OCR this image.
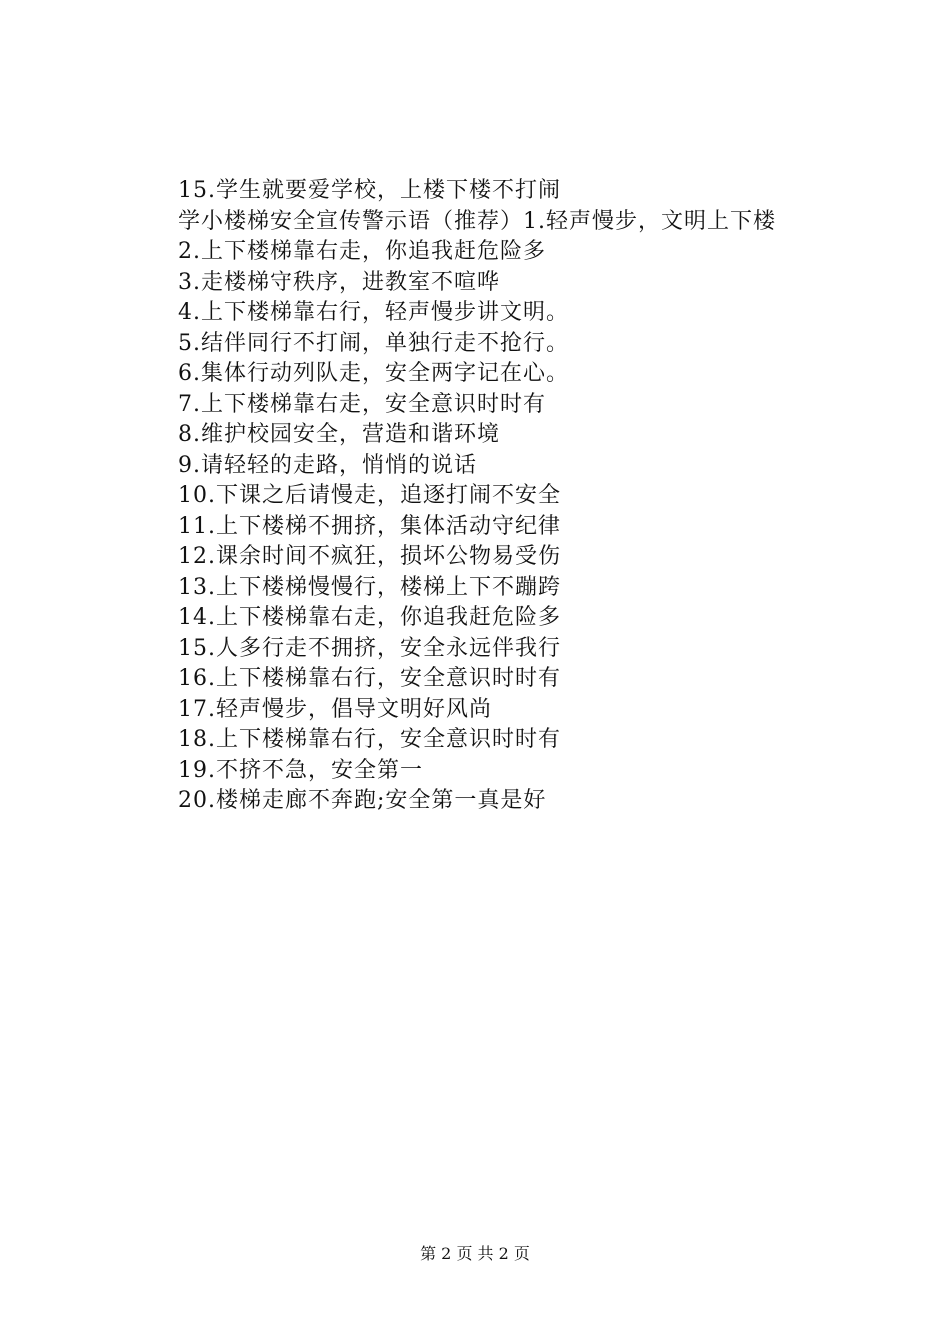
15.学生就要爱学校，上楼下楼不打闹
学小楼梯安全宣传警示语（推荐）1.轻声慢步，文明上下楼
2.上下楼梯靠右走，你追我赶危险多
3.走楼梯守秩序，进教室不喧哗
4.上下楼梯靠右行，轻声慢步讲文明。
5.结伴同行不打闹，单独行走不抢行。
6.集体行动列队走，安全两字记在心。
7.上下楼梯靠右走，安全意识时时有
8.维护校园安全，营造和谐环境
9.请轻轻的走路，悄悄的说话
10.下课之后请慢走，追逐打闹不安全
11.上下楼梯不拥挤，集体活动守纪律
12.课余时间不疯狂，损坏公物易受伤
13.上下楼梯慢慢行，楼梯上下不蹦跨
14.上下楼梯靠右走，你追我赶危险多
15.人多行走不拥挤，安全永远伴我行
16.上下楼梯靠右行，安全意识时时有
17.轻声慢步，倡导文明好风尚
18.上下楼梯靠右行，安全意识时时有
19.不挤不急，安全第一
20.楼梯走廊不奔跑;安全第一真是好
第 2 页 共 2 页
